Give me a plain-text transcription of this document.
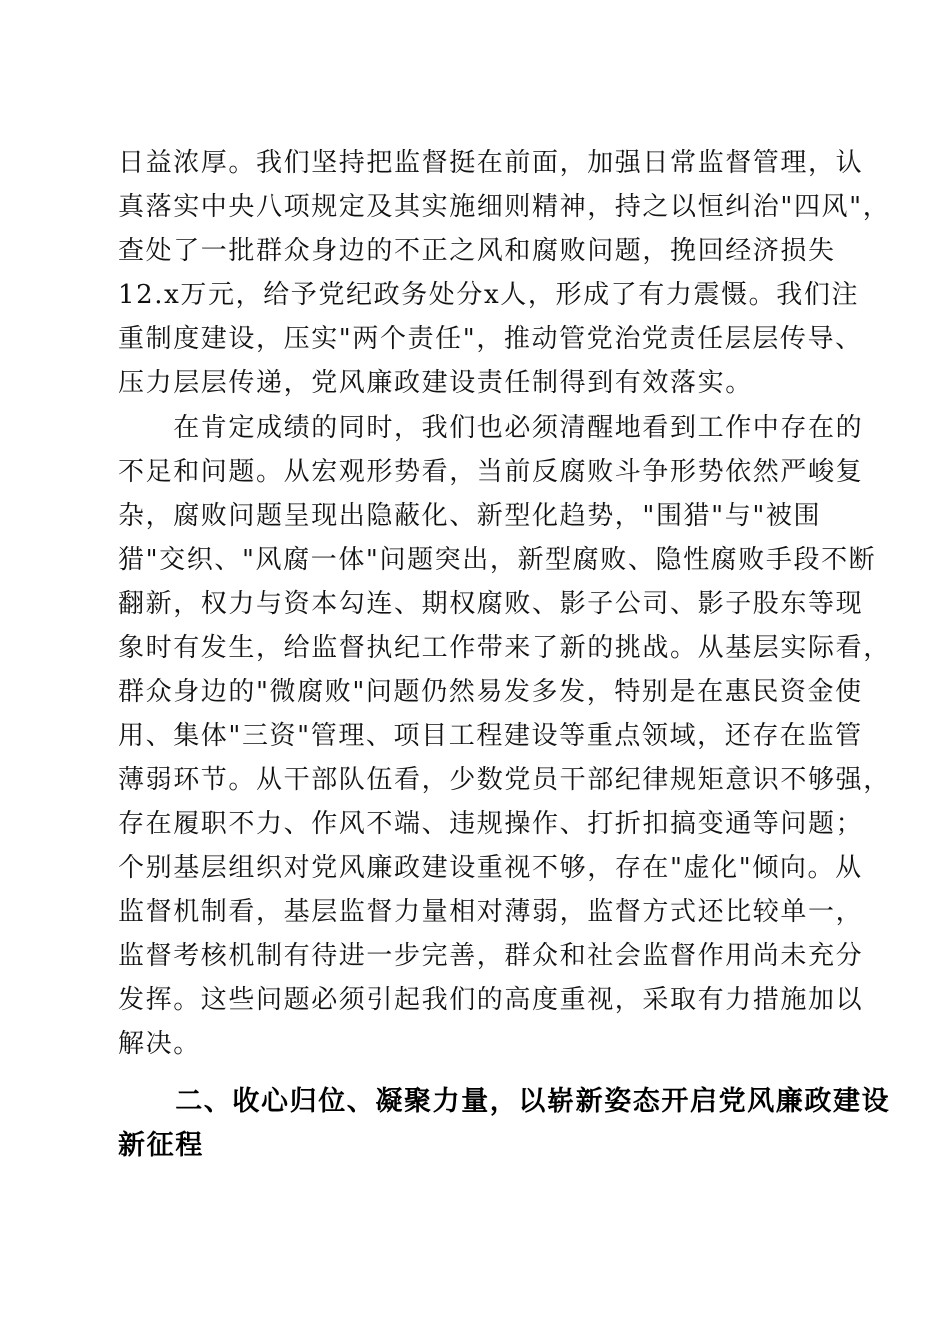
日益浓厚。我们坚持把监督挺在前面，加强日常监督管理，认
真落实中央八项规定及其实施细则精神，持之以恒纠治"四风"，
查处了一批群众身边的不正之风和腐败问题，挽回经济损失
12.x万元，给予党纪政务处分x人，形成了有力震慑。我们注
重制度建设，压实"两个责任"，推动管党治党责任层层传导、
压力层层传递，党风廉政建设责任制得到有效落实。
　　在肯定成绩的同时，我们也必须清醒地看到工作中存在的
不足和问题。从宏观形势看，当前反腐败斗争形势依然严峻复
杂，腐败问题呈现出隐蔽化、新型化趋势，"围猎"与"被围
猎"交织、"风腐一体"问题突出，新型腐败、隐性腐败手段不断
翻新，权力与资本勾连、期权腐败、影子公司、影子股东等现
象时有发生，给监督执纪工作带来了新的挑战。从基层实际看，
群众身边的"微腐败"问题仍然易发多发，特别是在惠民资金使
用、集体"三资"管理、项目工程建设等重点领域，还存在监管
薄弱环节。从干部队伍看，少数党员干部纪律规矩意识不够强，
存在履职不力、作风不端、违规操作、打折扣搞变通等问题；
个别基层组织对党风廉政建设重视不够，存在"虚化"倾向。从
监督机制看，基层监督力量相对薄弱，监督方式还比较单一，
监督考核机制有待进一步完善，群众和社会监督作用尚未充分
发挥。这些问题必须引起我们的高度重视，采取有力措施加以
解决。
　　二、收心归位、凝聚力量，以崭新姿态开启党风廉政建设
新征程
